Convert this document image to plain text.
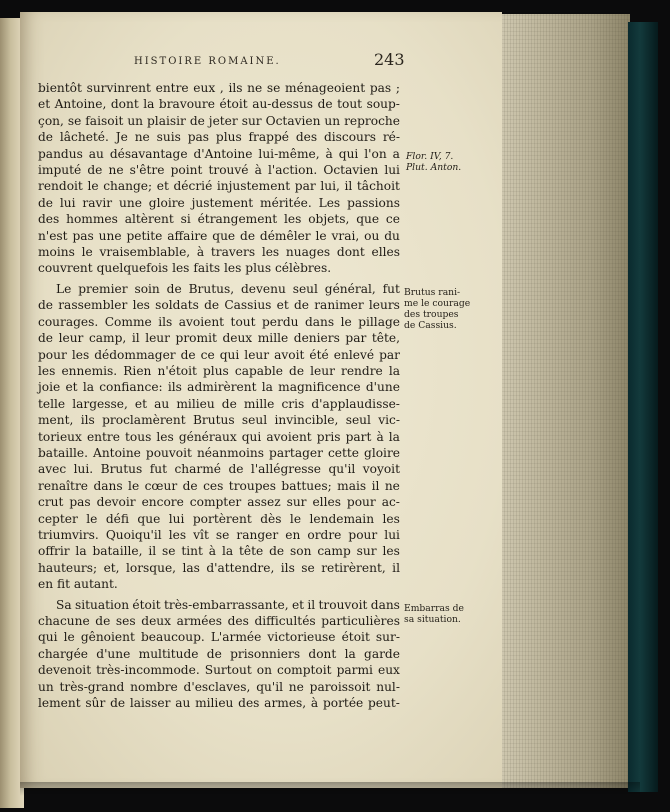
HISTOIRE ROMAINE.	243
bientôt survinrent entre eux , ils ne se ménageoient pas ;
et Antoine, dont la bravoure étoit au-dessus de tout soup-
çon, se faisoit un plaisir de jeter sur Octavien un reproche
de lâcheté. Je ne suis pas plus frappé des discours ré-
pandus au désavantage d'Antoine lui-même, à qui l'on a
imputé de ne s'être point trouvé à l'action. Octavien lui
rendoit le change; et décrié injustement par lui, il tâchoit
de lui ravir une gloire justement méritée. Les passions
des hommes altèrent si étrangement les objets, que ce
n'est pas une petite affaire que de démêler le vrai, ou du
moins le vraisemblable, à travers les nuages dont elles
couvrent quelquefois les faits les plus célèbres.
Le premier soin de Brutus, devenu seul général, fut
de rassembler les soldats de Cassius et de ranimer leurs
courages. Comme ils avoient tout perdu dans le pillage
de leur camp, il leur promit deux mille deniers par tête,
pour les dédommager de ce qui leur avoit été enlevé par
les ennemis. Rien n'étoit plus capable de leur rendre la
joie et la confiance: ils admirèrent la magnificence d'une
telle largesse, et au milieu de mille cris d'applaudisse-
ment, ils proclamèrent Brutus seul invincible, seul vic-
torieux entre tous les généraux qui avoient pris part à la
bataille. Antoine pouvoit néanmoins partager cette gloire
avec lui. Brutus fut charmé de l'allégresse qu'il voyoit
renaître dans le cœur de ces troupes battues; mais il ne
crut pas devoir encore compter assez sur elles pour ac-
cepter le défi que lui portèrent dès le lendemain les
triumvirs. Quoiqu'il les vît se ranger en ordre pour lui
offrir la bataille, il se tint à la tête de son camp sur les
hauteurs; et, lorsque, las d'attendre, ils se retirèrent, il
en fit autant.
Sa situation étoit très-embarrassante, et il trouvoit dans
chacune de ses deux armées des difficultés particulières
qui le gênoient beaucoup. L'armée victorieuse étoit sur-
chargée d'une multitude de prisonniers dont la garde
devenoit très-incommode. Surtout on comptoit parmi eux
un très-grand nombre d'esclaves, qu'il ne paroissoit nul-
lement sûr de laisser au milieu des armes, à portée peut-
Flor. IV, 7.
Plut. Anton.
Brutus rani-
me le courage
des troupes
de Cassius.
Embarras de
sa situation.
